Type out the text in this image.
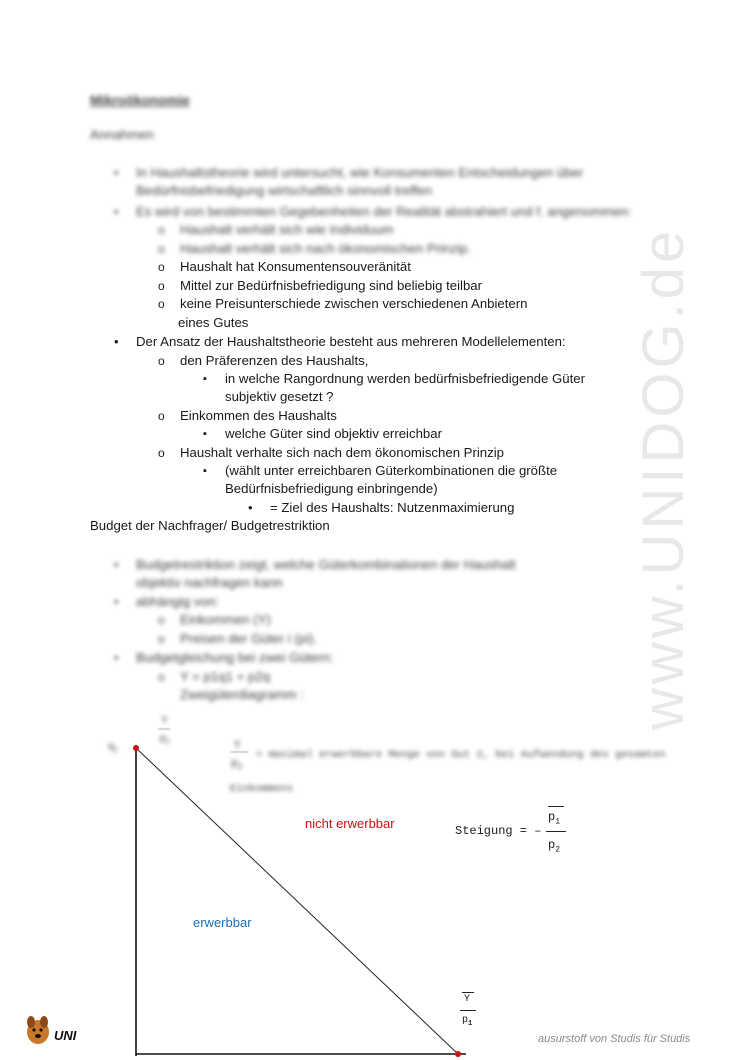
www.UNIDOG.de
Mikroökonomie
Annahmen
• In Haushaltstheorie wird untersucht, wie Konsumenten Entscheidungen über
Bedürfnisbefriedigung wirtschaftlich sinnvoll treffen
• Es wird von bestimmten Gegebenheiten der Realität abstrahiert und f. angenommen:
o Haushalt verhält sich wie Individuum
o Haushalt verhält sich nach ökonomischen Prinzip.
o Haushalt hat Konsumentensouveränität
o Mittel zur Bedürfnisbefriedigung sind beliebig teilbar
o keine Preisunterschiede zwischen verschiedenen Anbietern
eines Gutes
• Der Ansatz der Haushaltstheorie besteht aus mehreren Modellelementen:
o den Präferenzen des Haushalts,
▪ in welche Rangordnung werden bedürfnisbefriedigende Güter
subjektiv gesetzt ?
o Einkommen des Haushalts
▪ welche Güter sind objektiv erreichbar
o Haushalt verhalte sich nach dem ökonomischen Prinzip
▪ (wählt unter erreichbaren Güterkombinationen die größte
Bedürfnisbefriedigung einbringende)
• = Ziel des Haushalts: Nutzenmaximierung
Budget der Nachfrager/ Budgetrestriktion
• Budgetrestriktion zeigt, welche Güterkombinationen der Haushalt
objektiv nachfragen kann
• abhängig von:
o Einkommen (Y)
o Preisen der Güter i (pi).
• Budgetgleichung bei zwei Gütern:
o Y = p1q1 + p2q
Zweigüterdiagramm :
$q_2$
Y
$p_2$	Y
$p_2$
= maximal erwerbbare Menge von Gut 2, bei Aufwendung des gesamten
Einkommens
nicht erwerbbar
erwerbbar
Steigung = –
$p_1$
$p_2$
Y
$p_1$
UNI	ausurstoff von Studis für Studis
